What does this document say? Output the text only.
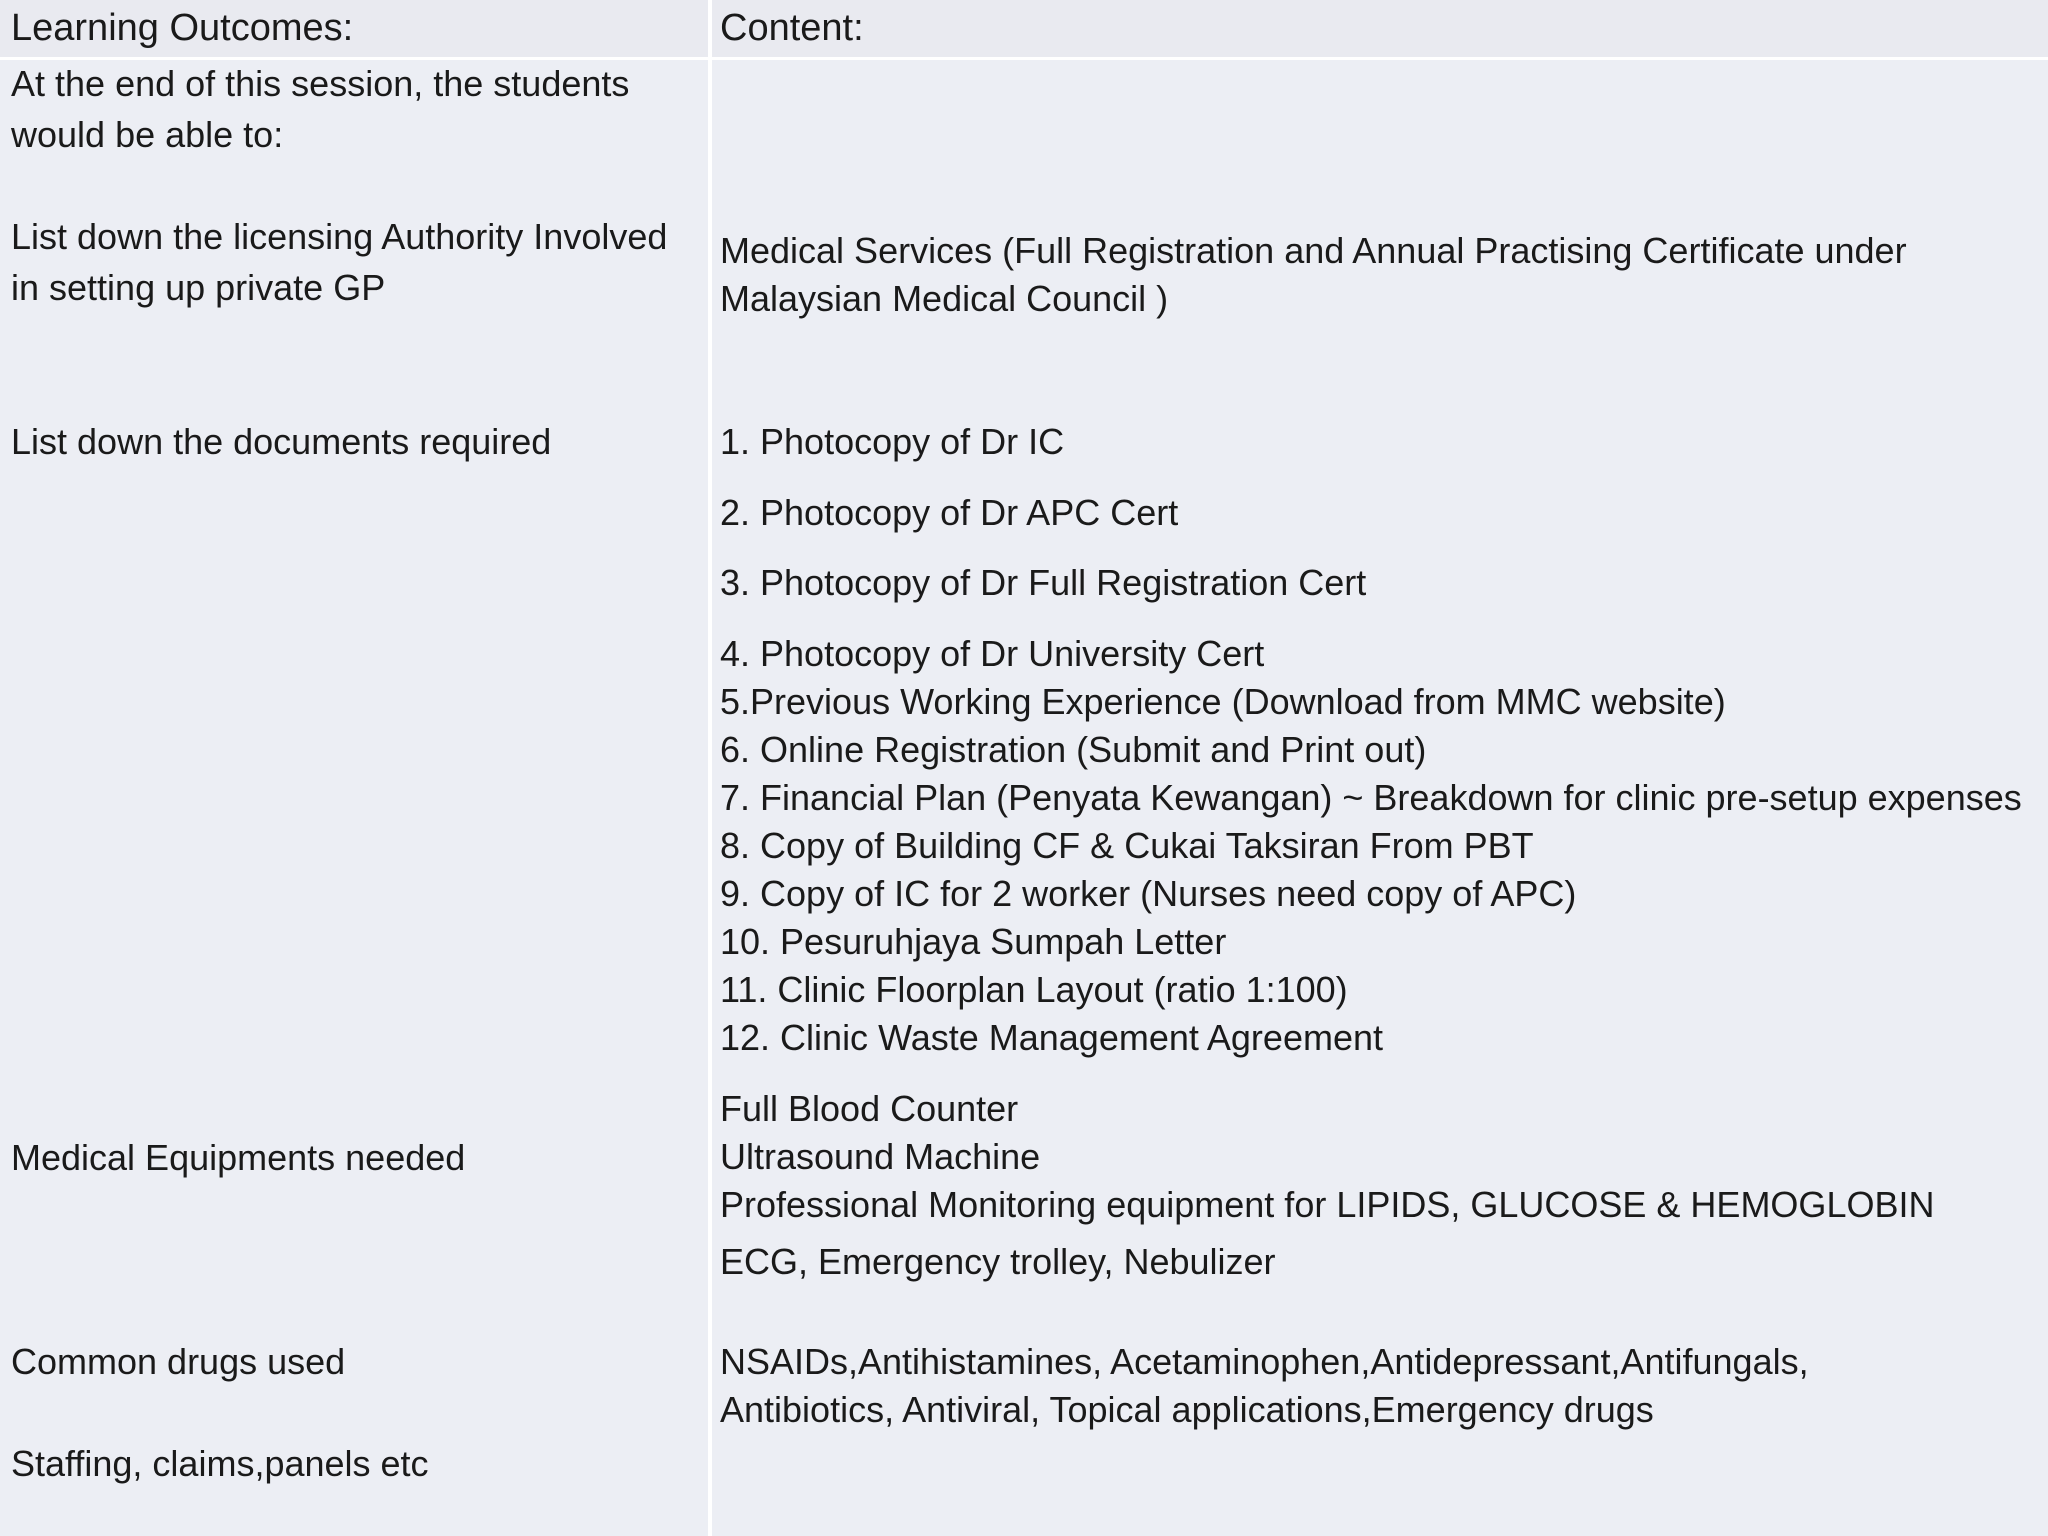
Learning Outcomes:	Content:

At the end of this session, the students

would be able to:

List down the licensing Authority Involved

in setting up private GP

List down the documents required

Medical Equipments needed

Common drugs used

Staffing, claims,panels etc

Medical Services (Full Registration and Annual Practising Certificate under

Malaysian Medical Council )

1. Photocopy of Dr IC

2. Photocopy of Dr APC Cert

3. Photocopy of Dr Full Registration Cert

4. Photocopy of Dr University Cert
5.Previous Working Experience (Download from MMC website)
6. Online Registration (Submit and Print out)
7. Financial Plan (Penyata Kewangan) ~ Breakdown for clinic pre-setup expenses
8. Copy of Building CF & Cukai Taksiran From PBT
9. Copy of IC for 2 worker (Nurses need copy of APC)
10. Pesuruhjaya Sumpah Letter
11. Clinic Floorplan Layout (ratio 1:100)
12. Clinic Waste Management Agreement
Full Blood Counter
Ultrasound Machine
Professional Monitoring equipment for LIPIDS, GLUCOSE & HEMOGLOBIN

ECG, Emergency trolley, Nebulizer

NSAIDs,Antihistamines, Acetaminophen,Antidepressant,Antifungals,

Antibiotics, Antiviral, Topical applications,Emergency drugs
